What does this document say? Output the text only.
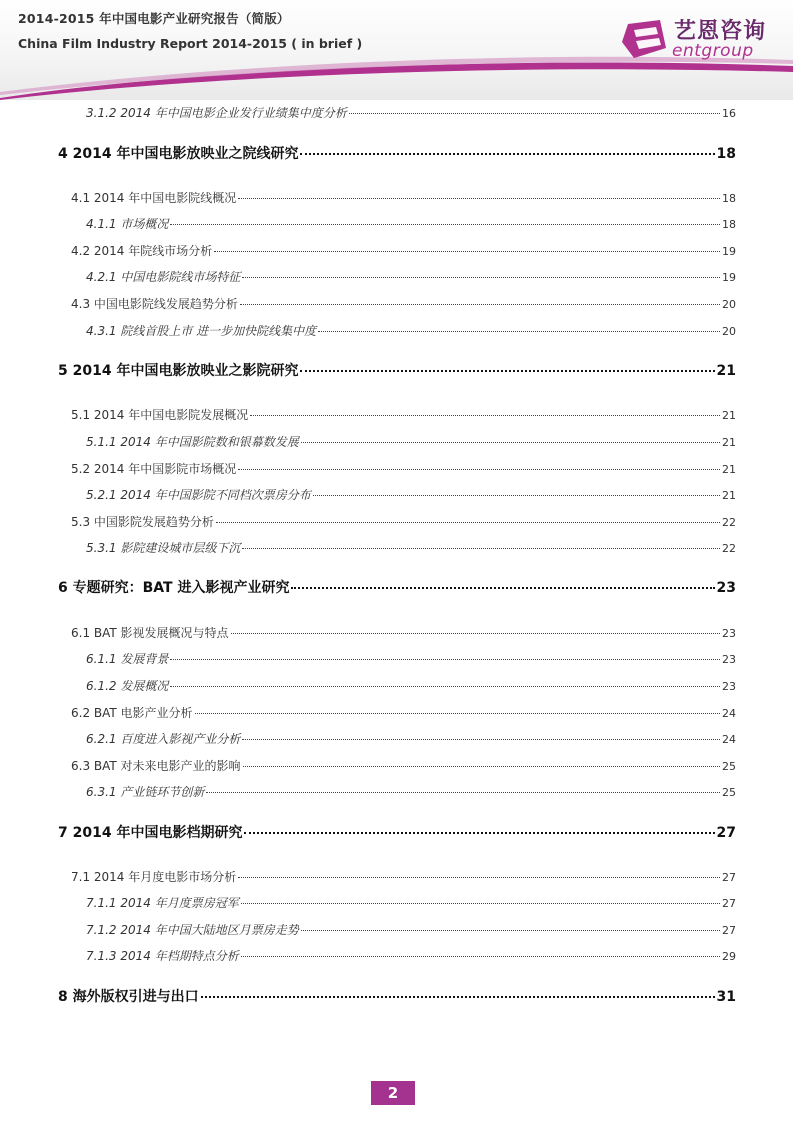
2014-2015 年中国电影产业研究报告（简版）
China Film Industry Report 2014-2015 ( in brief )	艺恩咨询
entgroup
3.1.2 2014 年中国电影企业发行业绩集中度分析	16
4 2014 年中国电影放映业之院线研究	18
4.1 2014 年中国电影院线概况	18
4.1.1 市场概况	18
4.2 2014 年院线市场分析	19
4.2.1 中国电影院线市场特征	19
4.3 中国电影院线发展趋势分析	20
4.3.1 院线首股上市 进一步加快院线集中度	20
5 2014 年中国电影放映业之影院研究	21
5.1 2014 年中国电影院发展概况	21
5.1.1 2014 年中国影院数和银幕数发展	21
5.2 2014 年中国影院市场概况	21
5.2.1 2014 年中国影院不同档次票房分布	21
5.3 中国影院发展趋势分析	22
5.3.1 影院建设城市层级下沉	22
6 专题研究：BAT 进入影视产业研究	23
6.1 BAT 影视发展概况与特点	23
6.1.1 发展背景	23
6.1.2 发展概况	23
6.2 BAT 电影产业分析	24
6.2.1 百度进入影视产业分析	24
6.3 BAT 对未来电影产业的影响	25
6.3.1 产业链环节创新	25
7 2014 年中国电影档期研究	27
7.1 2014 年月度电影市场分析	27
7.1.1 2014 年月度票房冠军	27
7.1.2 2014 年中国大陆地区月票房走势	27
7.1.3 2014 年档期特点分析	29
8 海外版权引进与出口	31
2
